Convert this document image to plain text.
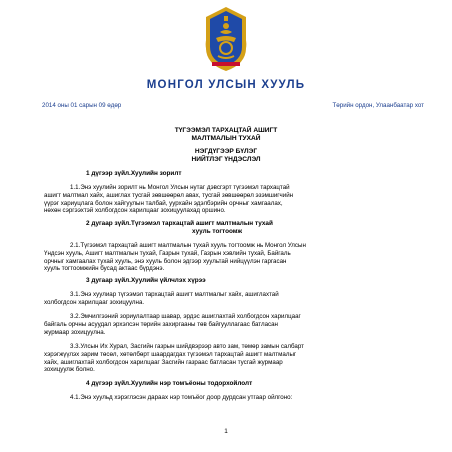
МОНГОЛ УЛСЫН ХУУЛЬ
2014 оны 01 сарын 09 өдөр	Төрийн ордон, Улаанбаатар хот
ТҮГЭЭМЭЛ ТАРХАЦТАЙ АШИГТ
МАЛТМАЛЫН ТУХАЙ
НЭГДҮГЭЭР БҮЛЭГ
НИЙТЛЭГ ҮНДЭСЛЭЛ
1 дүгээр зүйл.Хуулийн зорилт
1.1.Энэ хуулийн зорилт нь Монгол Улсын нутаг дэвсгэрт түгээмэл тархацтай
ашигт малтмал хайх, ашиглах тусгай зөвшөөрөл авах, тусгай зөвшөөрөл эзэмшигчийн
үүрэг хариуцлага болон хайгуулын талбай, уурхайн эдэлбэрийн орчныг хамгаалах,
нөхөн сэргээхтэй холбогдсон харилцааг зохицуулахад оршино.
2 дугаар зүйл.Түгээмэл тархацтай ашигт малтмалын тухай
хууль тогтоомж
2.1.Түгээмэл тархацтай ашигт малтмалын тухай хууль тогтоомж нь Монгол Улсын
Үндсэн хууль, Ашигт малтмалын тухай, Газрын тухай, Газрын хэвлийн тухай, Байгаль
орчныг хамгаалах тухай хууль, энэ хууль болон эдгээр хуультай нийцүүлэн гаргасан
хууль тогтоомжийн бусад актаас бүрдэнэ.
3 дугаар зүйл.Хуулийн үйлчлэх хүрээ
3.1.Энэ хуулиар түгээмэл тархацтай ашигт малтмалыг хайх, ашиглахтай
холбогдсон харилцааг зохицуулна.
3.2.Эмчилгээний зориулалтаар шавар, эрдэс ашиглахтай холбогдсон харилцааг
байгаль орчны асуудал эрхэлсэн төрийн захиргааны төв байгууллагаас батласан
журмаар зохицуулна.
3.3.Улсын Их Хурал, Засгийн газрын шийдвэрээр авто зам, төмөр замын салбарт
хэрэгжүүлэх зарим төсөл, хөтөлбөрт шаардагдах түгээмэл тархацтай ашигт малтмалыг
хайх, ашиглахтай холбогдсон харилцааг Засгийн газраас батласан тусгай журмаар
зохицуулж болно.
4 дүгээр зүйл.Хуулийн нэр томъёоны тодорхойлолт
4.1.Энэ хуульд хэрэглэсэн дараах нэр томъёог доор дурдсан утгаар ойлгоно:
1
